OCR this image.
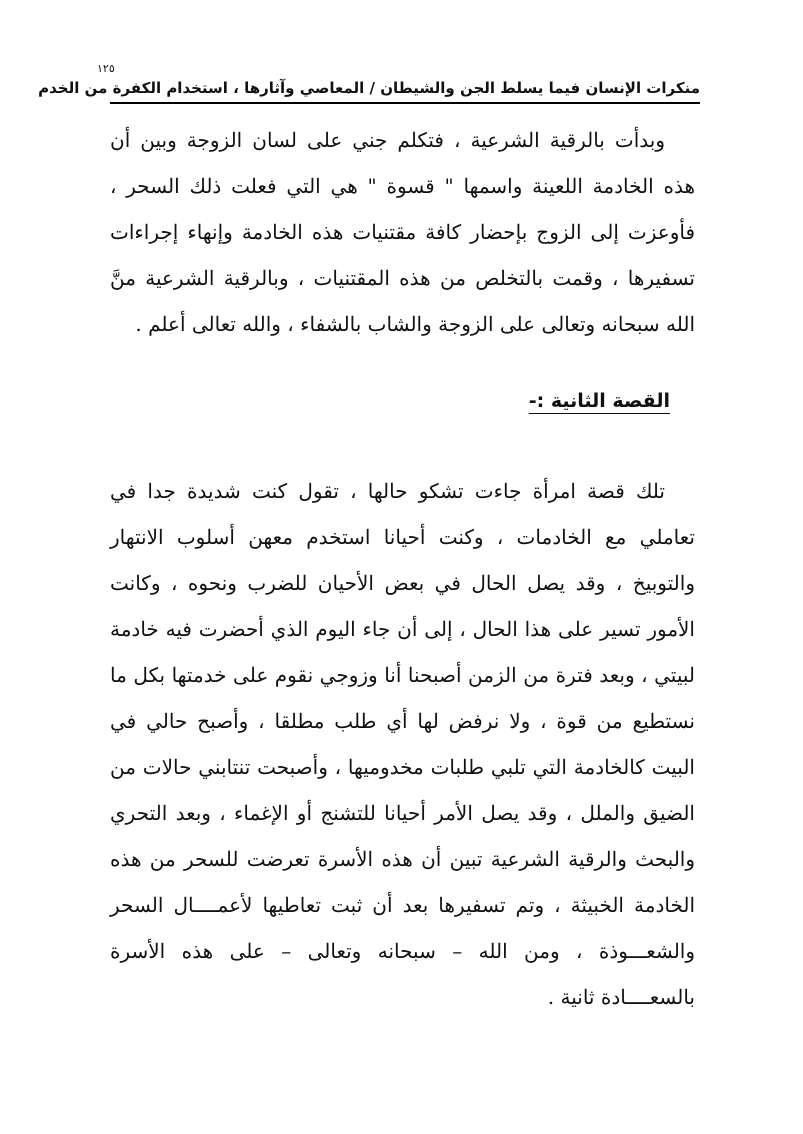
١٢٥
منكرات الإنسان فيما يسلط الجن والشيطان / المعاصي وآثارها ، استخدام الكفرة من الخدم

وبدأت بالرقية الشرعية ، فتكلم جني على لسان الزوجة وبين أن هذه الخادمة اللعينة واسمها " قسوة " هي التي فعلت ذلك السحر ، فأوعزت إلى الزوج بإحضار كافة مقتنيات هذه الخادمة وإنهاء إجراءات تسفيرها ، وقمت بالتخلص من هذه المقتنيات ، وبالرقية الشرعية منَّ الله سبحانه وتعالى على الزوجة والشاب بالشفاء ، والله تعالى أعلم .

القصة الثانية :-

تلك قصة امرأة جاءت تشكو حالها ، تقول كنت شديدة جدا في تعاملي مع الخادمات ، وكنت أحيانا استخدم معهن أسلوب الانتهار والتوبيخ ، وقد يصل الحال في بعض الأحيان للضرب ونحوه ، وكانت الأمور تسير على هذا الحال ، إلى أن جاء اليوم الذي أحضرت فيه خادمة لبيتي ، وبعد فترة من الزمن أصبحنا أنا وزوجي نقوم على خدمتها بكل ما نستطيع من قوة ، ولا نرفض لها أي طلب مطلقا ، وأصبح حالي في البيت كالخادمة التي تلبي طلبات مخدوميها ، وأصبحت تنتابني حالات من الضيق والملل ، وقد يصل الأمر أحيانا للتشنج أو الإغماء ، وبعد التحري والبحث والرقية الشرعية تبين أن هذه الأسرة تعرضت للسحر من هذه الخادمة الخبيثة ، وتم تسفيرها بعد أن ثبت تعاطيها لأعمــــال السحر والشعـــوذة ، ومن الله – سبحانه وتعالى – على هذه الأسرة بالسعــــادة ثانية .
